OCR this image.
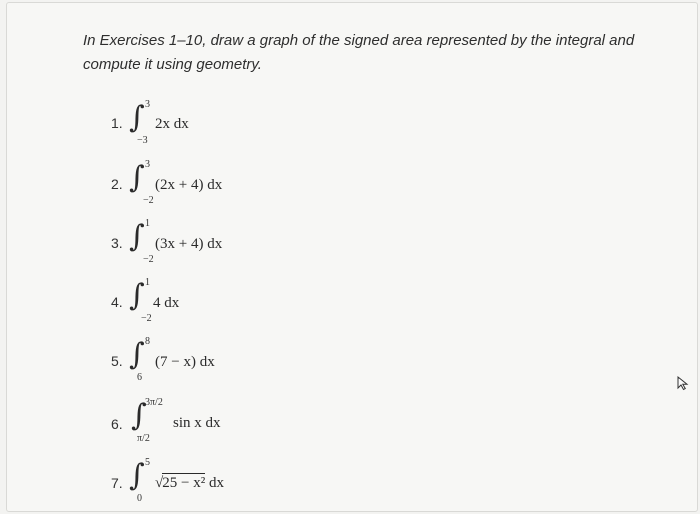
In Exercises 1–10, draw a graph of the signed area represented by the integral and compute it using geometry.
1. ∫ 3
−3
2x dx
2. ∫ 3
−2
(2x + 4) dx
3. ∫ 1
−2
(3x + 4) dx
4. ∫ 1
−2
4 dx
5. ∫ 8
6
(7 − x) dx
6. ∫
3π/2
π/2
sin x dx
7. ∫ 5
0
√25 − x² dx
